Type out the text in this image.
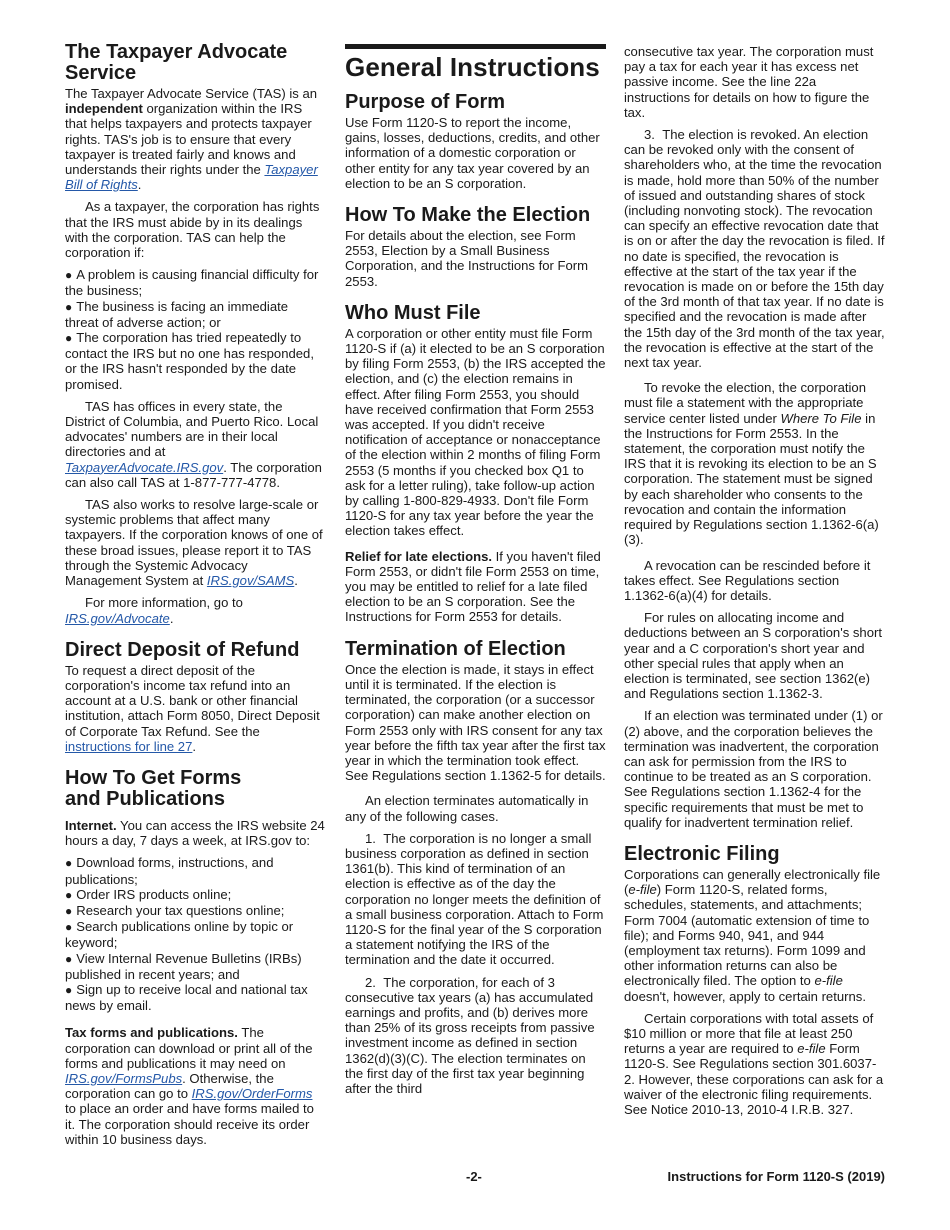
The Taxpayer Advocate Service

The Taxpayer Advocate Service (TAS) is an independent organization within the IRS that helps taxpayers and protects taxpayer rights. TAS's job is to ensure that every taxpayer is treated fairly and knows and understands their rights under the Taxpayer Bill of Rights.

As a taxpayer, the corporation has rights that the IRS must abide by in its dealings with the corporation. TAS can help the corporation if:

● A problem is causing financial difficulty for the business;
● The business is facing an immediate threat of adverse action; or
● The corporation has tried repeatedly to contact the IRS but no one has responded, or the IRS hasn't responded by the date promised.

TAS has offices in every state, the District of Columbia, and Puerto Rico. Local advocates' numbers are in their local directories and at TaxpayerAdvocate.IRS.gov. The corporation can also call TAS at 1-877-777-4778.

TAS also works to resolve large-scale or systemic problems that affect many taxpayers. If the corporation knows of one of these broad issues, please report it to TAS through the Systemic Advocacy Management System at IRS.gov/SAMS.

For more information, go to IRS.gov/Advocate.

Direct Deposit of Refund

To request a direct deposit of the corporation's income tax refund into an account at a U.S. bank or other financial institution, attach Form 8050, Direct Deposit of Corporate Tax Refund. See the instructions for line 27.

How To Get Forms and Publications

Internet. You can access the IRS website 24 hours a day, 7 days a week, at IRS.gov to:

● Download forms, instructions, and publications;
● Order IRS products online;
● Research your tax questions online;
● Search publications online by topic or keyword;
● View Internal Revenue Bulletins (IRBs) published in recent years; and
● Sign up to receive local and national tax news by email.

Tax forms and publications. The corporation can download or print all of the forms and publications it may need on IRS.gov/FormsPubs. Otherwise, the corporation can go to IRS.gov/OrderForms to place an order and have forms mailed to it. The corporation should receive its order within 10 business days.

General Instructions
Purpose of Form

Use Form 1120-S to report the income, gains, losses, deductions, credits, and other information of a domestic corporation or other entity for any tax year covered by an election to be an S corporation.

How To Make the Election

For details about the election, see Form 2553, Election by a Small Business Corporation, and the Instructions for Form 2553.

Who Must File

A corporation or other entity must file Form 1120-S if (a) it elected to be an S corporation by filing Form 2553, (b) the IRS accepted the election, and (c) the election remains in effect. After filing Form 2553, you should have received confirmation that Form 2553 was accepted. If you didn't receive notification of acceptance or nonacceptance of the election within 2 months of filing Form 2553 (5 months if you checked box Q1 to ask for a letter ruling), take follow-up action by calling 1-800-829-4933. Don't file Form 1120-S for any tax year before the year the election takes effect.

Relief for late elections. If you haven't filed Form 2553, or didn't file Form 2553 on time, you may be entitled to relief for a late filed election to be an S corporation. See the Instructions for Form 2553 for details.

Termination of Election

Once the election is made, it stays in effect until it is terminated. If the election is terminated, the corporation (or a successor corporation) can make another election on Form 2553 only with IRS consent for any tax year before the fifth tax year after the first tax year in which the termination took effect. See Regulations section 1.1362-5 for details.

An election terminates automatically in any of the following cases.

1.  The corporation is no longer a small business corporation as defined in section 1361(b). This kind of termination of an election is effective as of the day the corporation no longer meets the definition of a small business corporation. Attach to Form 1120-S for the final year of the S corporation a statement notifying the IRS of the termination and the date it occurred.

2.  The corporation, for each of 3 consecutive tax years (a) has accumulated earnings and profits, and (b) derives more than 25% of its gross receipts from passive investment income as defined in section 1362(d)(3)(C). The election terminates on the first day of the first tax year beginning after the third

consecutive tax year. The corporation must pay a tax for each year it has excess net passive income. See the line 22a instructions for details on how to figure the tax.

3.  The election is revoked. An election can be revoked only with the consent of shareholders who, at the time the revocation is made, hold more than 50% of the number of issued and outstanding shares of stock (including nonvoting stock). The revocation can specify an effective revocation date that is on or after the day the revocation is filed. If no date is specified, the revocation is effective at the start of the tax year if the revocation is made on or before the 15th day of the 3rd month of that tax year. If no date is specified and the revocation is made after the 15th day of the 3rd month of the tax year, the revocation is effective at the start of the next tax year.

To revoke the election, the corporation must file a statement with the appropriate service center listed under Where To File in the Instructions for Form 2553. In the statement, the corporation must notify the IRS that it is revoking its election to be an S corporation. The statement must be signed by each shareholder who consents to the revocation and contain the information required by Regulations section 1.1362-6(a)(3).

A revocation can be rescinded before it takes effect. See Regulations section 1.1362-6(a)(4) for details.

For rules on allocating income and deductions between an S corporation's short year and a C corporation's short year and other special rules that apply when an election is terminated, see section 1362(e) and Regulations section 1.1362-3.

If an election was terminated under (1) or (2) above, and the corporation believes the termination was inadvertent, the corporation can ask for permission from the IRS to continue to be treated as an S corporation. See Regulations section 1.1362-4 for the specific requirements that must be met to qualify for inadvertent termination relief.

Electronic Filing

Corporations can generally electronically file (e-file) Form 1120-S, related forms, schedules, statements, and attachments; Form 7004 (automatic extension of time to file); and Forms 940, 941, and 944 (employment tax returns). Form 1099 and other information returns can also be electronically filed. The option to e-file doesn't, however, apply to certain returns.

Certain corporations with total assets of $10 million or more that file at least 250 returns a year are required to e-file Form 1120-S. See Regulations section 301.6037-2. However, these corporations can ask for a waiver of the electronic filing requirements. See Notice 2010-13, 2010-4 I.R.B. 327.

-2-	Instructions for Form 1120-S (2019)
